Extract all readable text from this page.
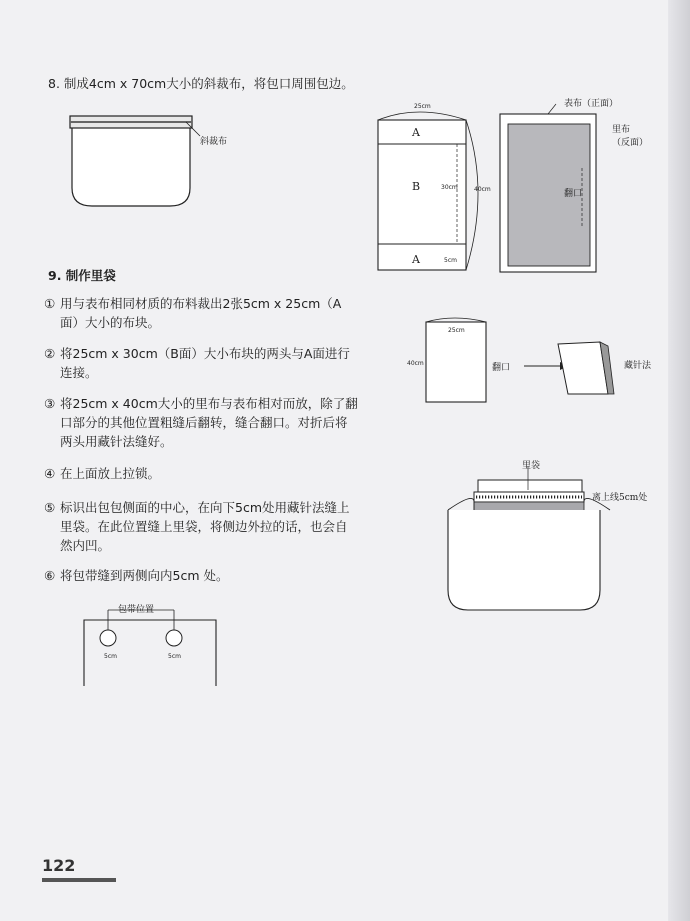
8. 制成4cm x 70cm大小的斜裁布，将包口周围包边。
斜裁布
25cm
A
B
A
30cm	40cm
5cm
表布（正面）
里布
（反面）
翻口
9. 制作里袋
① 用与表布相同材质的布料裁出2张5cm x 25cm（A
面）大小的布块。
② 将25cm x 30cm（B面）大小布块的两头与A面进行
连接。
③ 将25cm x 40cm大小的里布与表布相对而放，除了翻
口部分的其他位置粗缝后翻转，缝合翻口。对折后将
两头用藏针法缝好。
④ 在上面放上拉锁。
⑤ 标识出包包侧面的中心，在向下5cm处用藏针法缝上
里袋。在此位置缝上里袋，将侧边外拉的话，也会自
然内凹。
⑥ 将包带缝到两侧向内5cm 处。
25cm
40cm	翻口	藏针法
里袋
离上线5cm处
包带位置
5cm	5cm
122
